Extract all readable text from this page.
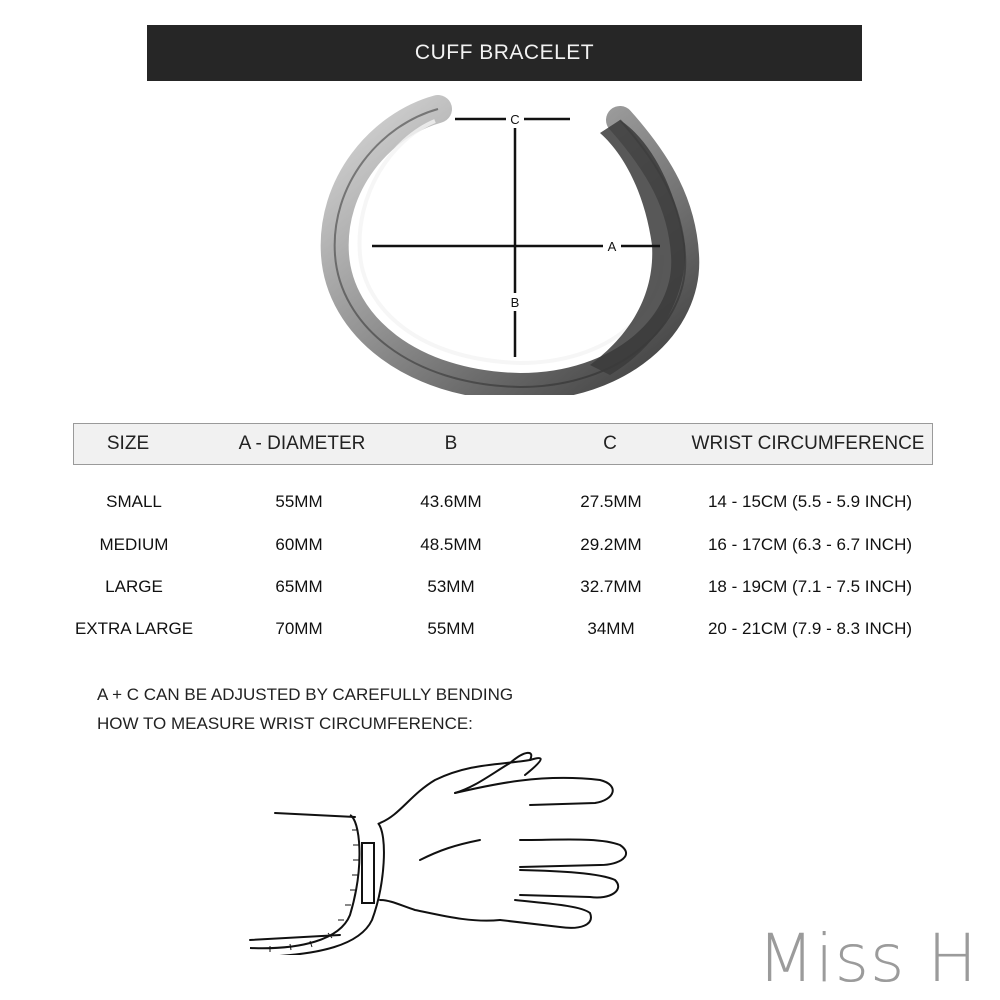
CUFF BRACELET
A
B
C
SIZE	A - DIAMETER	B	C	WRIST CIRCUMFERENCE
SMALL	55MM	43.6MM	27.5MM	14 - 15CM (5.5 - 5.9 INCH)
MEDIUM	60MM	48.5MM	29.2MM	16 - 17CM (6.3 - 6.7 INCH)
LARGE	65MM	53MM	32.7MM	18 - 19CM (7.1 - 7.5 INCH)
EXTRA LARGE	70MM	55MM	34MM	20 - 21CM (7.9 - 8.3 INCH)
A + C CAN BE ADJUSTED BY CAREFULLY BENDING
HOW TO MEASURE WRIST CIRCUMFERENCE:
Miss H
